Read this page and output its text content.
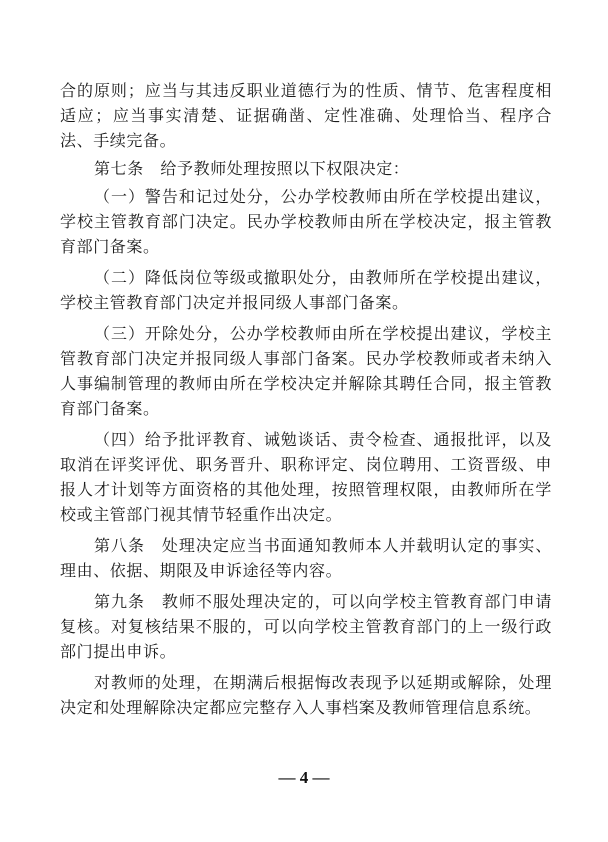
合的原则；应当与其违反职业道德行为的性质、情节、危害程度相适应；应当事实清楚、证据确凿、定性准确、处理恰当、程序合法、手续完备。

第七条　给予教师处理按照以下权限决定：

（一）警告和记过处分，公办学校教师由所在学校提出建议，学校主管教育部门决定。民办学校教师由所在学校决定，报主管教育部门备案。

（二）降低岗位等级或撤职处分，由教师所在学校提出建议，学校主管教育部门决定并报同级人事部门备案。

（三）开除处分，公办学校教师由所在学校提出建议，学校主管教育部门决定并报同级人事部门备案。民办学校教师或者未纳入人事编制管理的教师由所在学校决定并解除其聘任合同，报主管教育部门备案。

（四）给予批评教育、诫勉谈话、责令检查、通报批评，以及取消在评奖评优、职务晋升、职称评定、岗位聘用、工资晋级、申报人才计划等方面资格的其他处理，按照管理权限，由教师所在学校或主管部门视其情节轻重作出决定。

第八条　处理决定应当书面通知教师本人并载明认定的事实、理由、依据、期限及申诉途径等内容。

第九条　教师不服处理决定的，可以向学校主管教育部门申请复核。对复核结果不服的，可以向学校主管教育部门的上一级行政部门提出申诉。

对教师的处理，在期满后根据悔改表现予以延期或解除，处理决定和处理解除决定都应完整存入人事档案及教师管理信息系统。

— 4 —
